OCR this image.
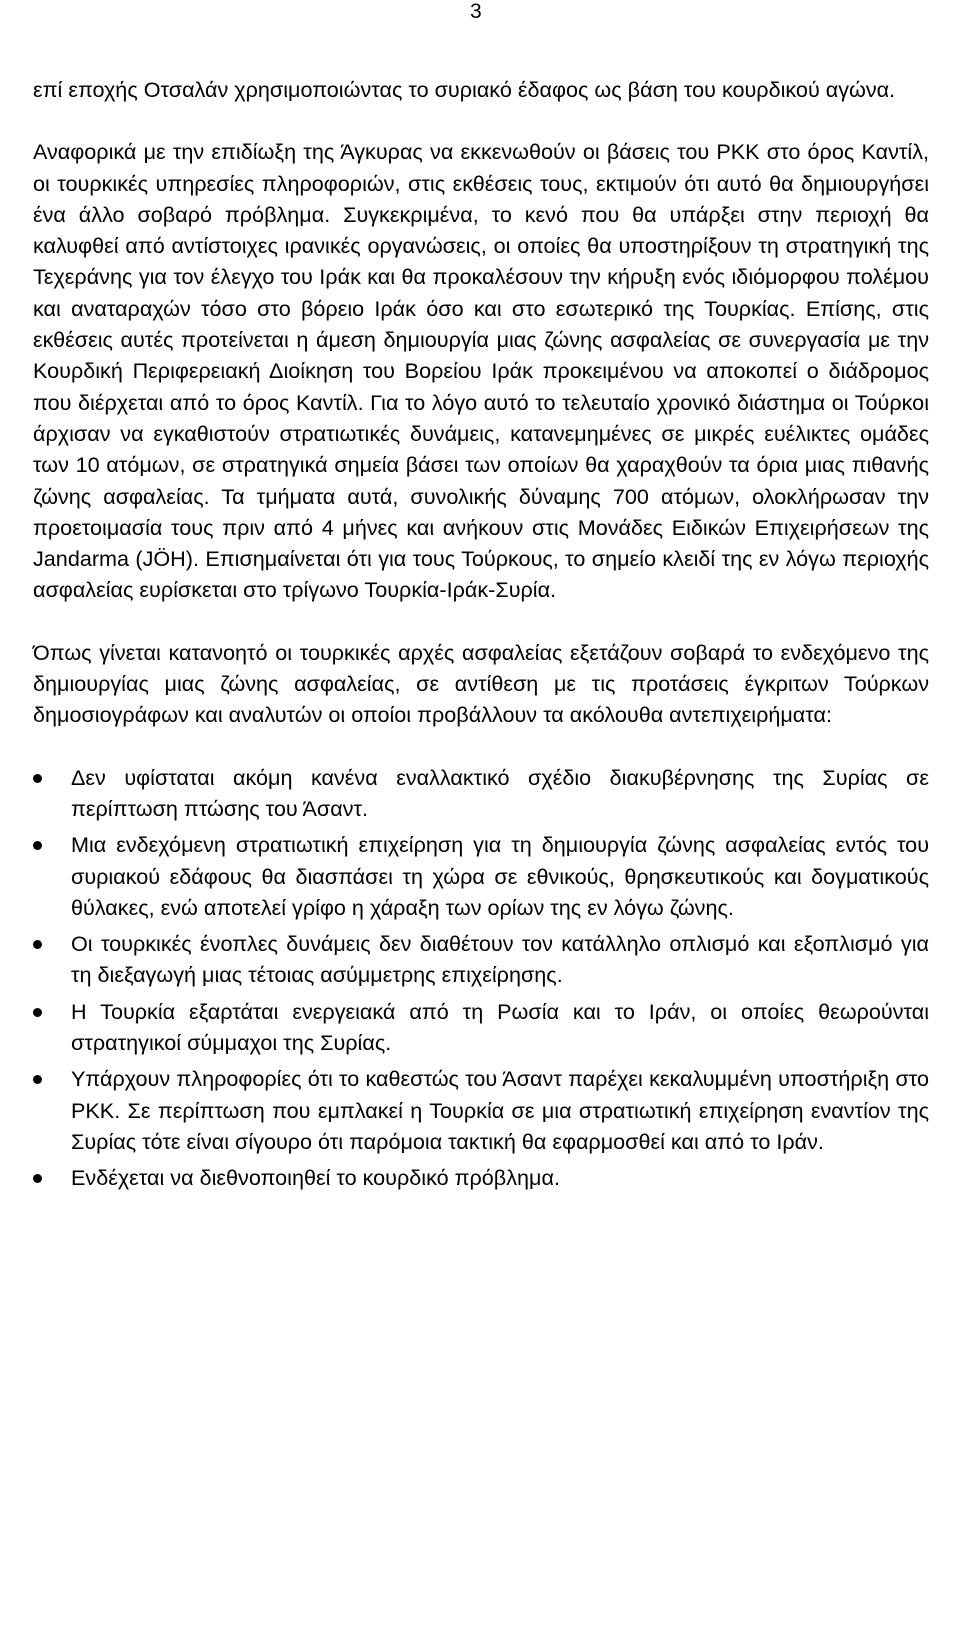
3

επί εποχής Οτσαλάν χρησιμοποιώντας το συριακό έδαφος ως βάση του κουρδικού αγώνα.

Αναφορικά με την επιδίωξη της Άγκυρας να εκκενωθούν οι βάσεις του PKK στο όρος Καντίλ, οι τουρκικές υπηρεσίες πληροφοριών, στις εκθέσεις τους, εκτιμούν ότι αυτό θα δημιουργήσει ένα άλλο σοβαρό πρόβλημα. Συγκεκριμένα, το κενό που θα υπάρξει στην περιοχή θα καλυφθεί από αντίστοιχες ιρανικές οργανώσεις, οι οποίες θα υποστηρίξουν τη στρατηγική της Τεχεράνης για τον έλεγχο του Ιράκ και θα προκαλέσουν την κήρυξη ενός ιδιόμορφου πολέμου και αναταραχών τόσο στο βόρειο Ιράκ όσο και στο εσωτερικό της Τουρκίας. Επίσης, στις εκθέσεις αυτές προτείνεται η άμεση δημιουργία μιας ζώνης ασφαλείας σε συνεργασία με την Κουρδική Περιφερειακή Διοίκηση του Βορείου Ιράκ προκειμένου να αποκοπεί ο διάδρομος που διέρχεται από το όρος Καντίλ. Για το λόγο αυτό το τελευταίο χρονικό διάστημα οι Τούρκοι άρχισαν να εγκαθιστούν στρατιωτικές δυνάμεις, κατανεμημένες σε μικρές ευέλικτες ομάδες των 10 ατόμων, σε στρατηγικά σημεία βάσει των οποίων θα χαραχθούν τα όρια μιας πιθανής ζώνης ασφαλείας. Τα τμήματα αυτά, συνολικής δύναμης 700 ατόμων, ολοκλήρωσαν την προετοιμασία τους πριν από 4 μήνες και ανήκουν στις Μονάδες Ειδικών Επιχειρήσεων της Jandarma (JÖH). Επισημαίνεται ότι για τους Τούρκους, το σημείο κλειδί της εν λόγω περιοχής ασφαλείας ευρίσκεται στο τρίγωνο Τουρκία-Ιράκ-Συρία.

Όπως γίνεται κατανοητό οι τουρκικές αρχές ασφαλείας εξετάζουν σοβαρά το ενδεχόμενο της δημιουργίας μιας ζώνης ασφαλείας, σε αντίθεση με τις προτάσεις έγκριτων Τούρκων δημοσιογράφων και αναλυτών οι οποίοι προβάλλουν τα ακόλουθα αντεπιχειρήματα:

Δεν υφίσταται ακόμη κανένα εναλλακτικό σχέδιο διακυβέρνησης της Συρίας σε περίπτωση πτώσης του Άσαντ.
Μια ενδεχόμενη στρατιωτική επιχείρηση για τη δημιουργία ζώνης ασφαλείας εντός του συριακού εδάφους θα διασπάσει τη χώρα σε εθνικούς, θρησκευτικούς και δογματικούς θύλακες, ενώ αποτελεί γρίφο η χάραξη των ορίων της εν λόγω ζώνης.
Οι τουρκικές ένοπλες δυνάμεις δεν διαθέτουν τον κατάλληλο οπλισμό και εξοπλισμό για τη διεξαγωγή μιας τέτοιας ασύμμετρης επιχείρησης.
Η Τουρκία εξαρτάται ενεργειακά από τη Ρωσία και το Ιράν, οι οποίες θεωρούνται στρατηγικοί σύμμαχοι της Συρίας.
Υπάρχουν πληροφορίες ότι το καθεστώς του Άσαντ παρέχει κεκαλυμμένη υποστήριξη στο PKK. Σε περίπτωση που εμπλακεί η Τουρκία σε μια στρατιωτική επιχείρηση εναντίον της Συρίας τότε είναι σίγουρο ότι παρόμοια τακτική θα εφαρμοσθεί και από το Ιράν.
Ενδέχεται να διεθνοποιηθεί το κουρδικό πρόβλημα.
